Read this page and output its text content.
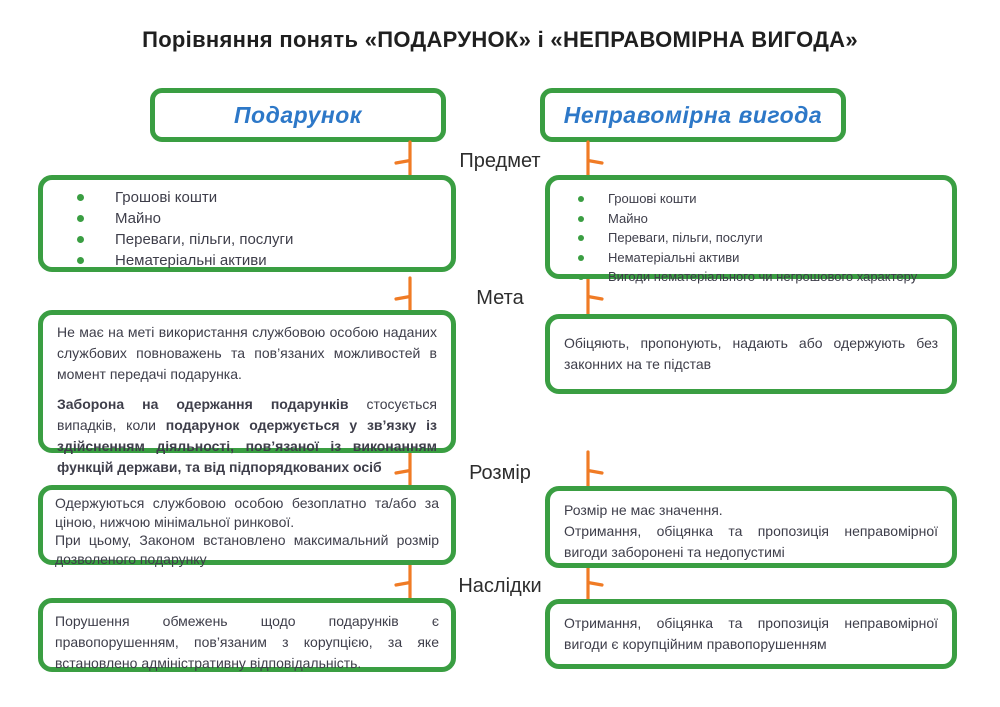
Порівняння понять «ПОДАРУНОК» і «НЕПРАВОМІРНА ВИГОДА»
Подарунок	Неправомірна вигода
Предмет
Мета
Розмір
Наслідки
Грошові кошти
Майно
Переваги, пільги, послуги
Нематеріальні активи
Грошові кошти
Майно
Переваги, пільги, послуги
Нематеріальні активи
Вигоди нематеріального чи негрошового характеру

Не має на меті використання службовою особою наданих службових повноважень та пов’язаних можливостей в момент передачі подарунка.

Заборона на одержання подарунків стосується випадків, коли подарунок одержується у зв’язку із здійсненням діяльності, пов’язаної із виконанням функцій держави, та від підпорядкованих осіб

Обіцяють, пропонують, надають або одержують без законних на те підстав

Одержуються службовою особою безоплатно та/або за ціною, нижчою мінімальної ринкової.

При цьому, Законом встановлено максимальний розмір дозволеного подарунку

Розмір не має значення.

Отримання, обіцянка та пропозиція неправомірної вигоди заборонені та недопустимі

Порушення обмежень щодо подарунків є правопорушенням, пов’язаним з корупцією, за яке встановлено адміністративну відповідальність.

Отримання, обіцянка та пропозиція неправомірної вигоди є корупційним правопорушенням
